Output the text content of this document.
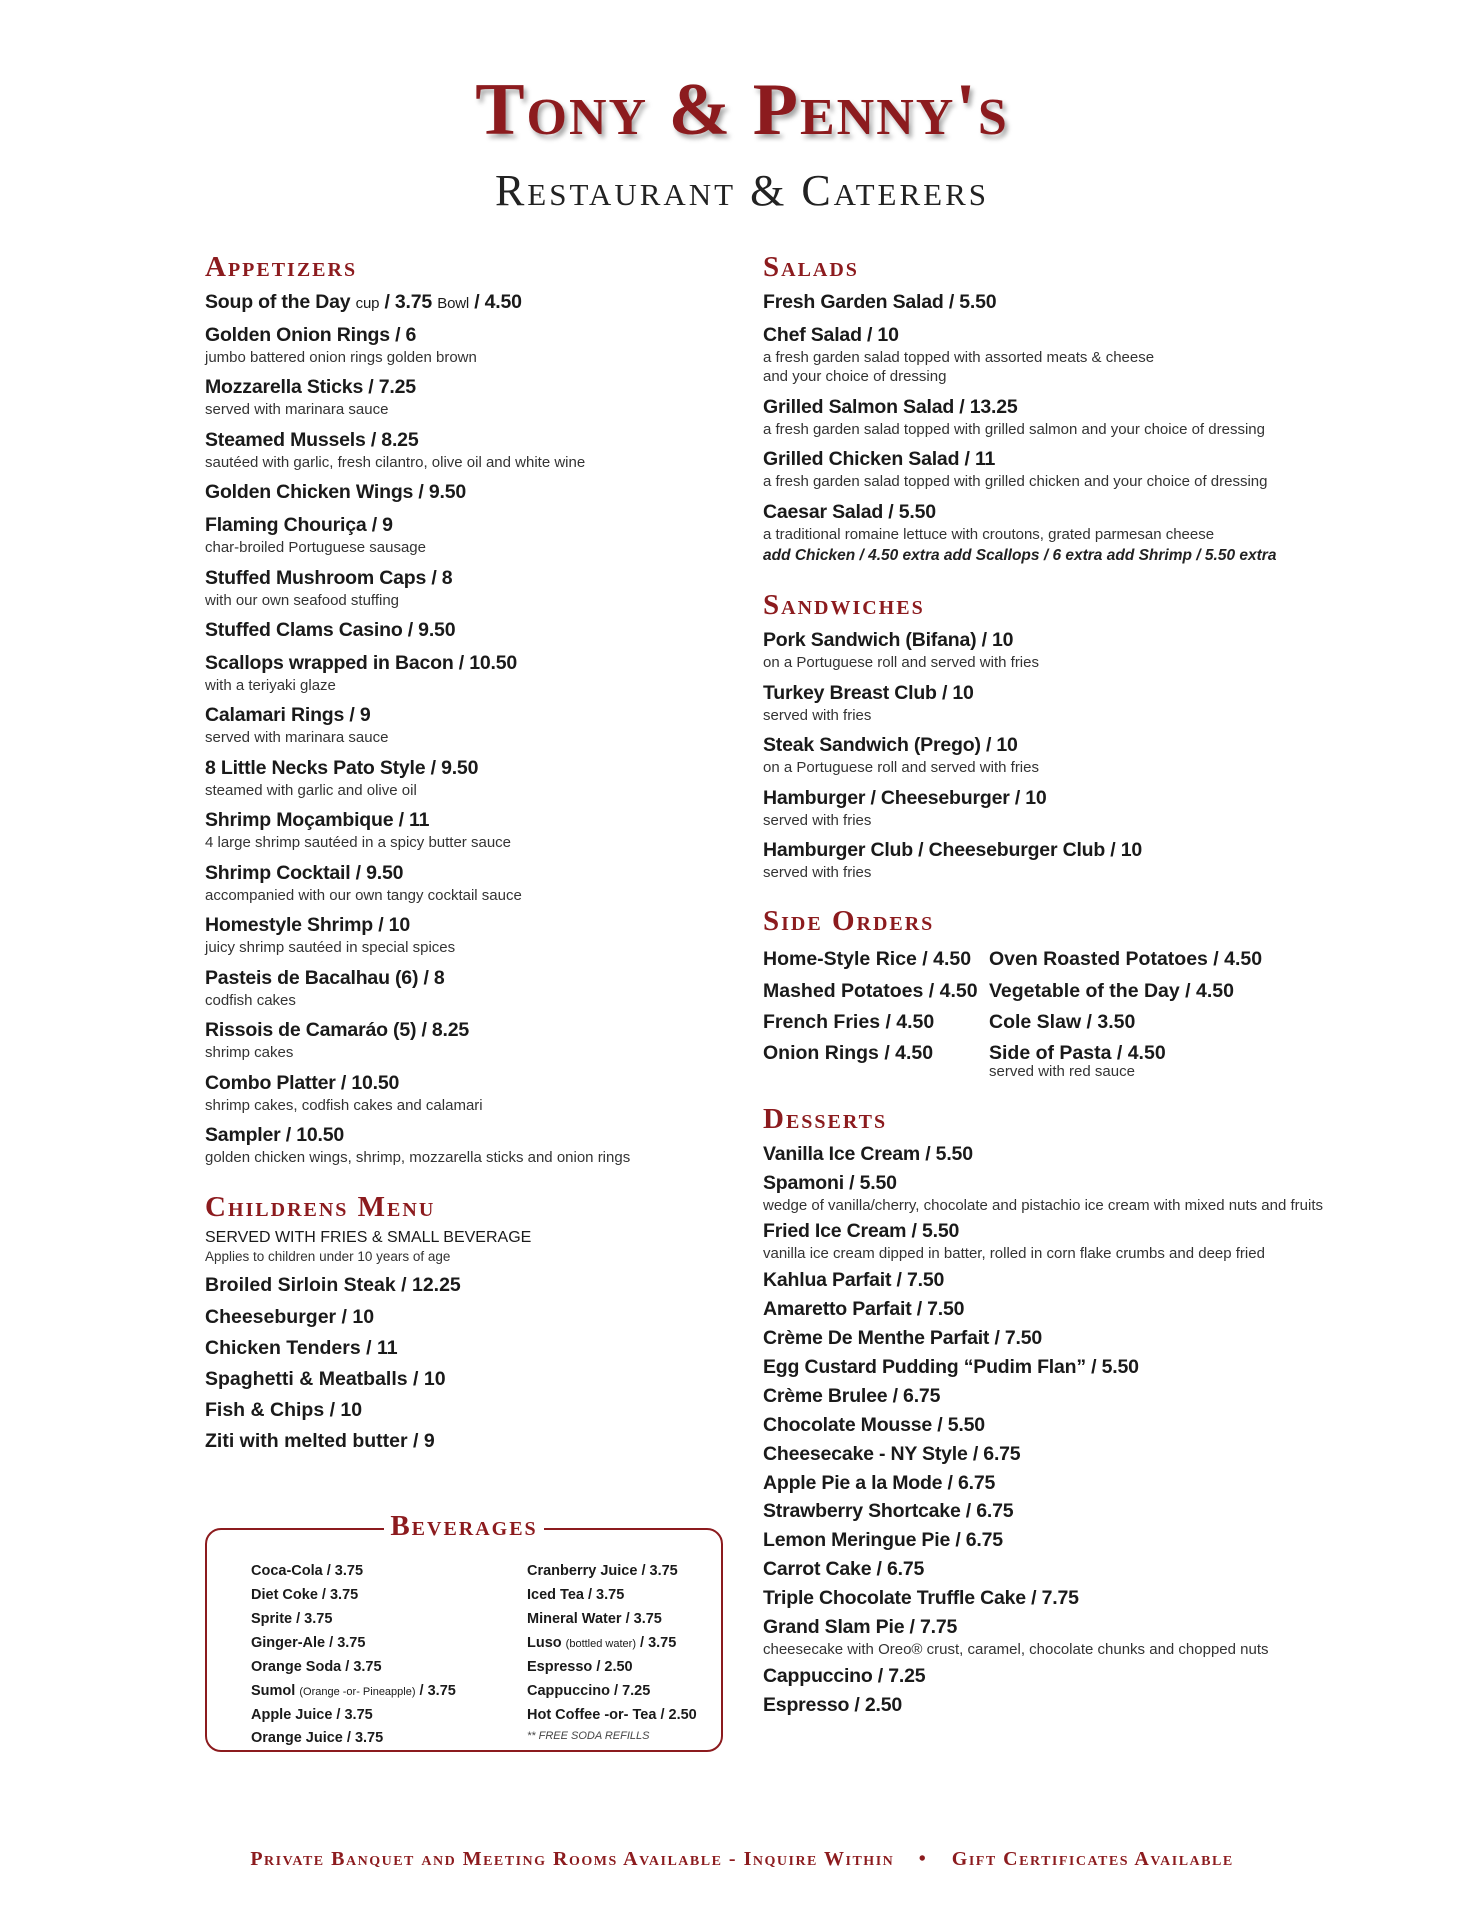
Tony & Penny's
Restaurant & Caterers
Appetizers
Soup of the Day cup / 3.75 Bowl / 4.50
Golden Onion Rings / 6
jumbo battered onion rings golden brown
Mozzarella Sticks / 7.25
served with marinara sauce
Steamed Mussels / 8.25
sautéed with garlic, fresh cilantro, olive oil and white wine
Golden Chicken Wings / 9.50
Flaming Chouriça / 9
char-broiled Portuguese sausage
Stuffed Mushroom Caps / 8
with our own seafood stuffing
Stuffed Clams Casino / 9.50
Scallops wrapped in Bacon / 10.50
with a teriyaki glaze
Calamari Rings / 9
served with marinara sauce
8 Little Necks Pato Style / 9.50
steamed with garlic and olive oil
Shrimp Moçambique / 11
4 large shrimp sautéed in a spicy butter sauce
Shrimp Cocktail / 9.50
accompanied with our own tangy cocktail sauce
Homestyle Shrimp / 10
juicy shrimp sautéed in special spices
Pasteis de Bacalhau (6) / 8
codfish cakes
Rissois de Camaráo (5) / 8.25
shrimp cakes
Combo Platter / 10.50
shrimp cakes, codfish cakes and calamari
Sampler / 10.50
golden chicken wings, shrimp, mozzarella sticks and onion rings
Childrens Menu
SERVED WITH FRIES & SMALL BEVERAGE
Applies to children under 10 years of age
Broiled Sirloin Steak / 12.25
Cheeseburger / 10
Chicken Tenders / 11
Spaghetti & Meatballs / 10
Fish & Chips / 10
Ziti with melted butter / 9
Beverages
Coca-Cola / 3.75
Diet Coke / 3.75
Sprite / 3.75
Ginger-Ale / 3.75
Orange Soda / 3.75
Sumol (Orange -or- Pineapple) / 3.75
Apple Juice / 3.75
Orange Juice / 3.75
Cranberry Juice / 3.75
Iced Tea / 3.75
Mineral Water / 3.75
Luso (bottled water) / 3.75
Espresso / 2.50
Cappuccino / 7.25
Hot Coffee -or- Tea / 2.50
** FREE SODA REFILLS
Salads
Fresh Garden Salad / 5.50
Chef Salad / 10
a fresh garden salad topped with assorted meats & cheese
and your choice of dressing
Grilled Salmon Salad / 13.25
a fresh garden salad topped with grilled salmon and your choice of dressing
Grilled Chicken Salad / 11
a fresh garden salad topped with grilled chicken and your choice of dressing
Caesar Salad / 5.50
a traditional romaine lettuce with croutons, grated parmesan cheese
add Chicken / 4.50 extra add Scallops / 6 extra add Shrimp / 5.50 extra
Sandwiches
Pork Sandwich (Bifana) / 10
on a Portuguese roll and served with fries
Turkey Breast Club / 10
served with fries
Steak Sandwich (Prego) / 10
on a Portuguese roll and served with fries
Hamburger / Cheeseburger / 10
served with fries
Hamburger Club / Cheeseburger Club / 10
served with fries
Side Orders
Home-Style Rice / 4.50
Mashed Potatoes / 4.50
French Fries / 4.50
Onion Rings / 4.50
Oven Roasted Potatoes / 4.50
Vegetable of the Day / 4.50
Cole Slaw / 3.50
Side of Pasta / 4.50
served with red sauce
Desserts
Vanilla Ice Cream / 5.50
Spamoni / 5.50
wedge of vanilla/cherry, chocolate and pistachio ice cream with mixed nuts and fruits
Fried Ice Cream / 5.50
vanilla ice cream dipped in batter, rolled in corn flake crumbs and deep fried
Kahlua Parfait / 7.50
Amaretto Parfait / 7.50
Crème De Menthe Parfait / 7.50
Egg Custard Pudding “Pudim Flan” / 5.50
Crème Brulee / 6.75
Chocolate Mousse / 5.50
Cheesecake - NY Style / 6.75
Apple Pie a la Mode / 6.75
Strawberry Shortcake / 6.75
Lemon Meringue Pie / 6.75
Carrot Cake / 6.75
Triple Chocolate Truffle Cake / 7.75
Grand Slam Pie / 7.75
cheesecake with Oreo® crust, caramel, chocolate chunks and chopped nuts
Cappuccino / 7.25
Espresso / 2.50
Private Banquet and Meeting Rooms Available - Inquire Within • Gift Certificates Available
